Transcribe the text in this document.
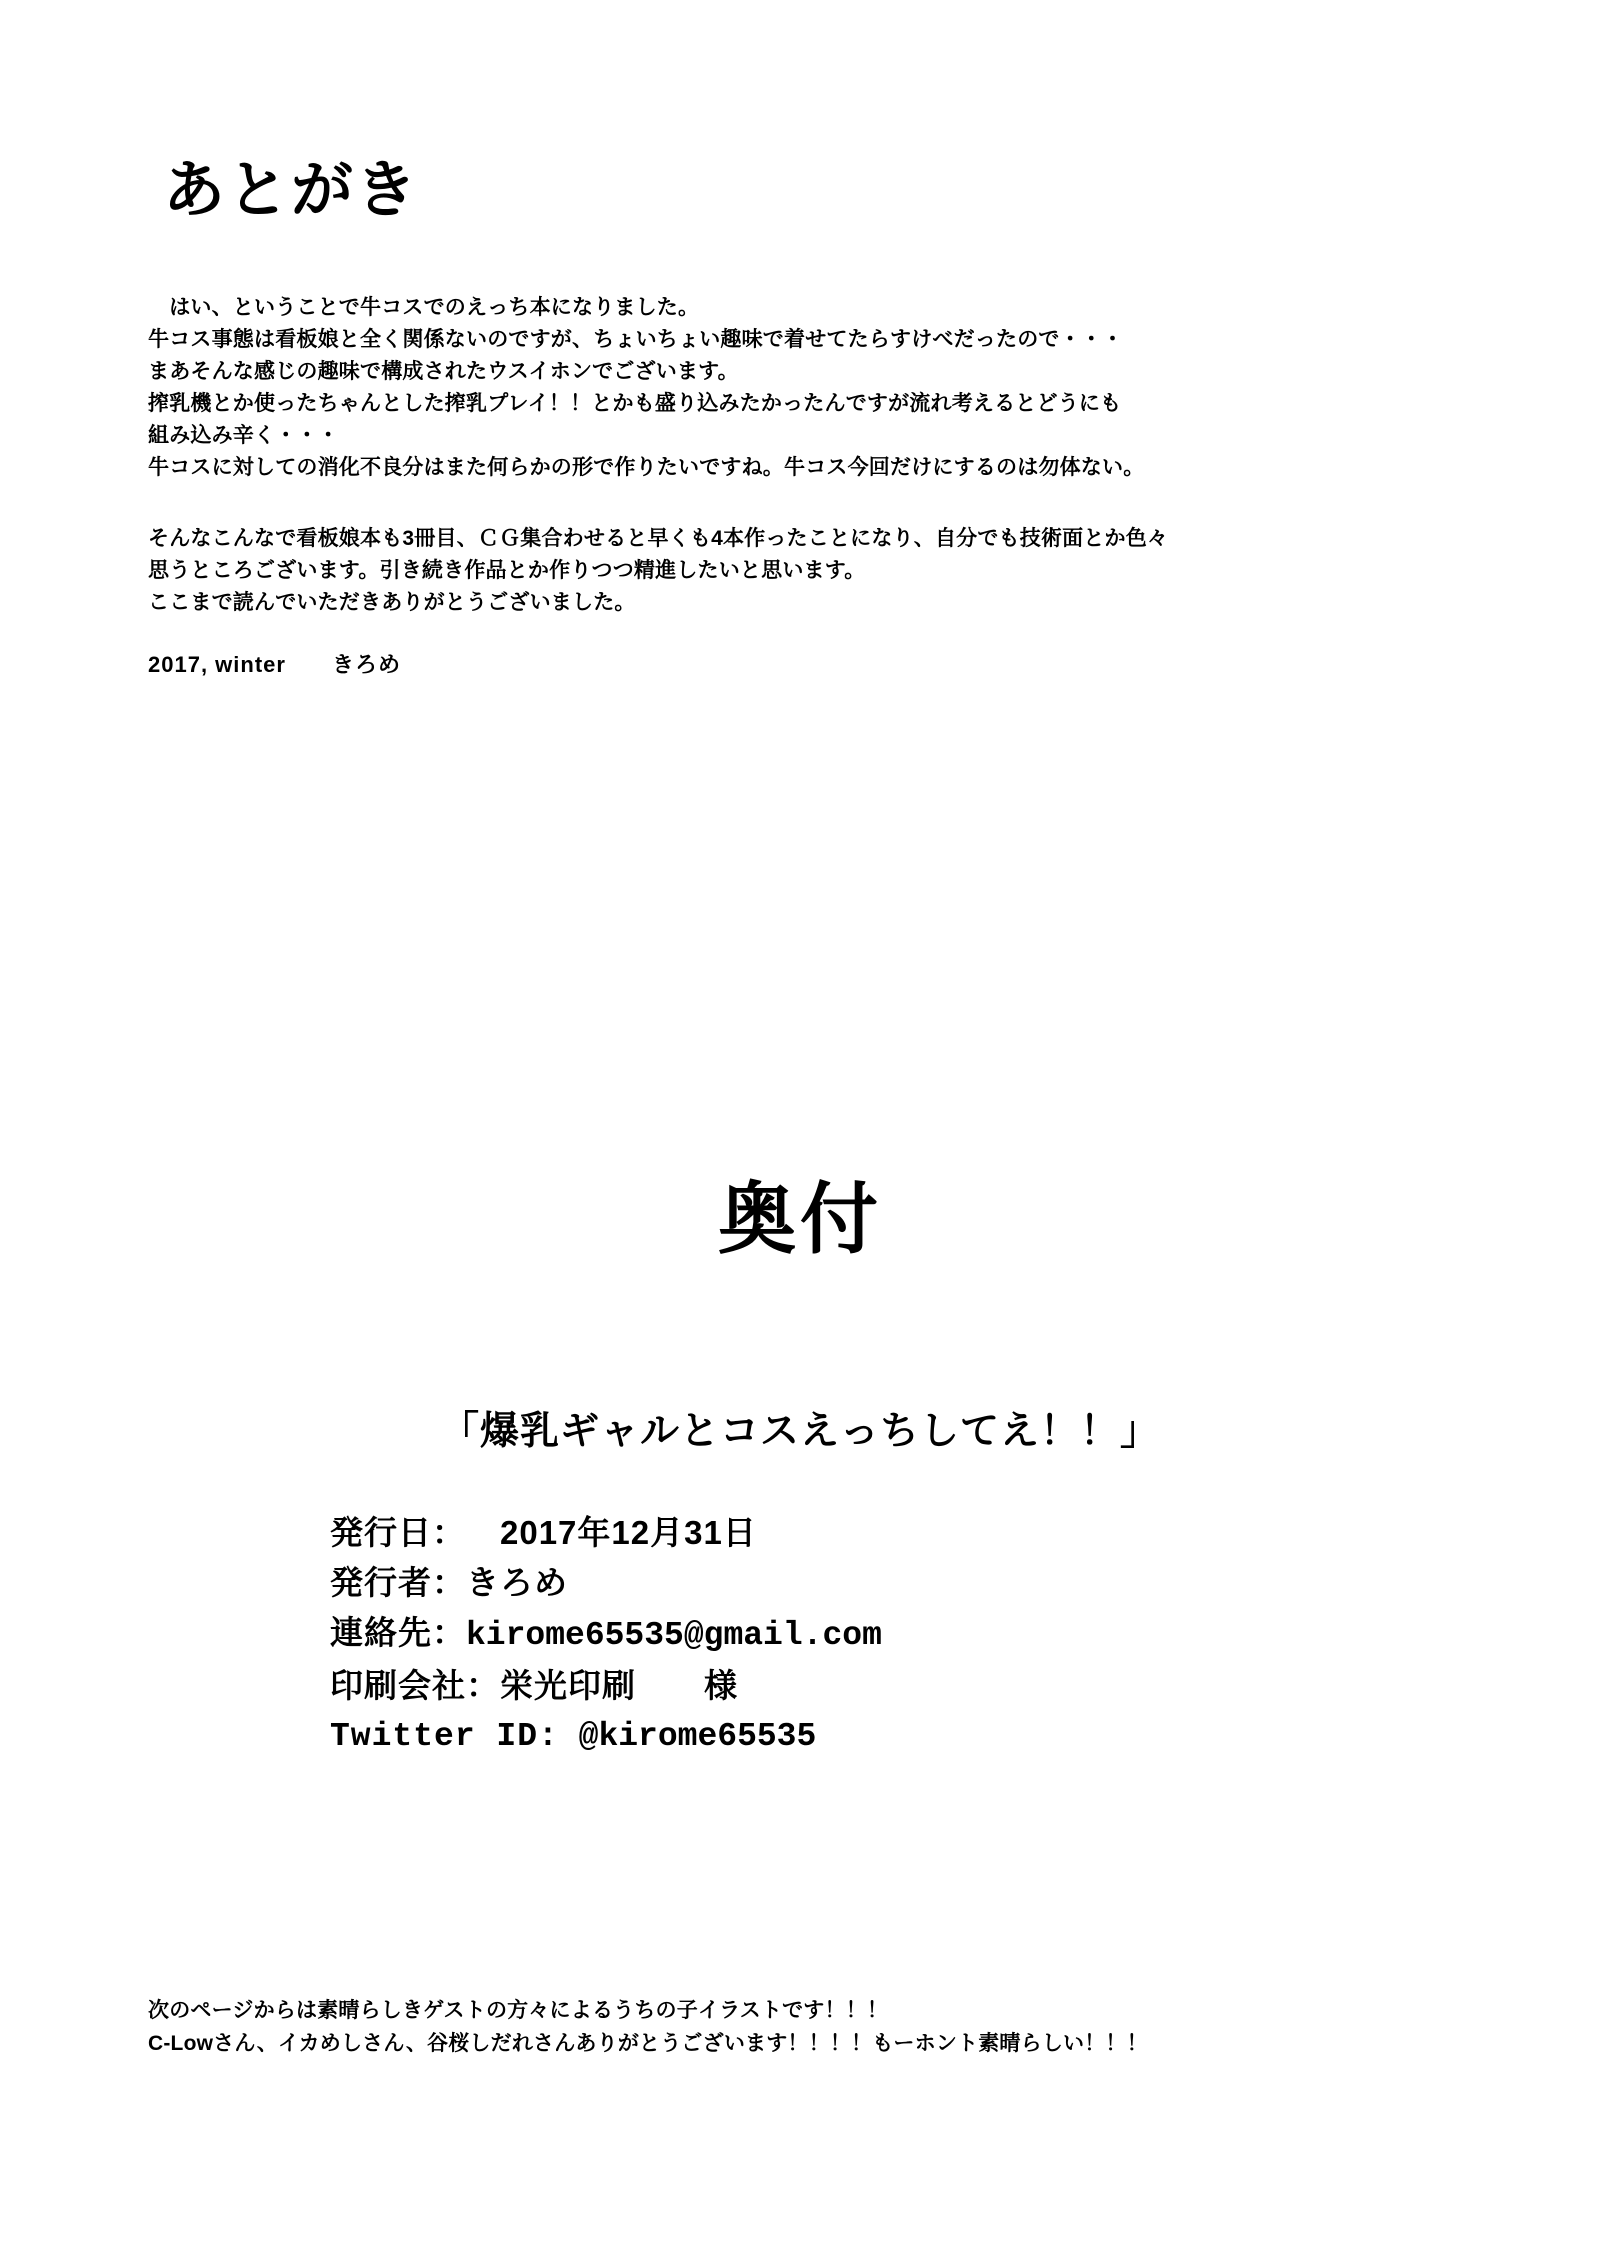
あとがき

　はい、ということで牛コスでのえっち本になりました。

牛コス事態は看板娘と全く関係ないのですが、ちょいちょい趣味で着せてたらすけべだったので・・・

まあそんな感じの趣味で構成されたウスイホンでございます。

搾乳機とか使ったちゃんとした搾乳プレイ！！とかも盛り込みたかったんですが流れ考えるとどうにも

組み込み辛く・・・

牛コスに対しての消化不良分はまた何らかの形で作りたいですね。牛コス今回だけにするのは勿体ない。

そんなこんなで看板娘本も3冊目、ＣＧ集合わせると早くも4本作ったことになり、自分でも技術面とか色々

思うところございます。引き続き作品とか作りつつ精進したいと思います。

ここまで読んでいただきありがとうございました。

2017, winter　　きろめ
奥付
「爆乳ギャルとコスえっちしてえ！！」
発行日：　2017年12月31日
発行者：きろめ
連絡先：kirome65535@gmail.com
印刷会社：栄光印刷　　様
Twitter ID: @kirome65535

次のページからは素晴らしきゲストの方々によるうちの子イラストです！！！

C-Lowさん、イカめしさん、谷桜しだれさんありがとうございます！！！！もーホント素晴らしい！！！
